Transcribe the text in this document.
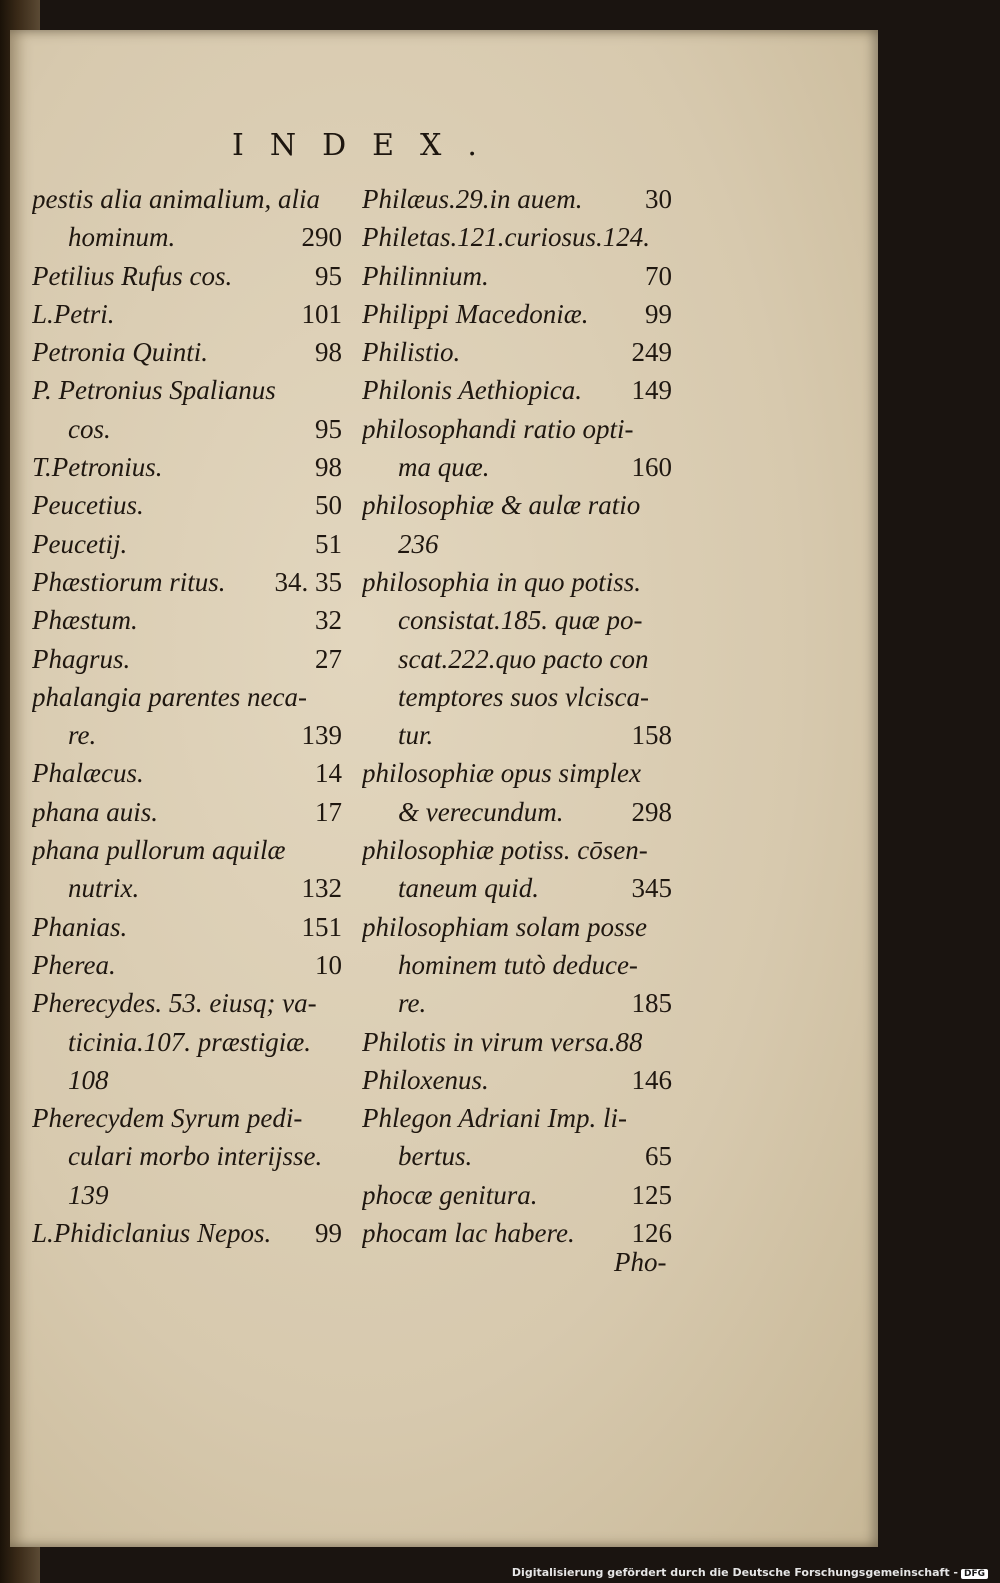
INDEX.
pestis alia animalium, alia
hominum.	290
Petilius Rufus cos.	95
L.Petri.	101
Petronia Quinti.	98
P. Petronius Spalianus
cos.	95
T.Petronius.	98
Peucetius.	50
Peucetij.	51
Phæstiorum ritus. 34. 35
Phæstum.	32
Phagrus.	27
phalangia parentes neca-
re.	139
Phalæcus.	14
phana auis.	17
phana pullorum aquilæ
nutrix.	132
Phanias.	151
Pherea.	10
Pherecydes. 53. eiusq; va-
ticinia.107. præstigiæ.
108
Pherecydem Syrum pedi-
culari morbo interijsse.
139
L.Phidiclanius Nepos. 99
Philæus.29.in auem. 30
Philetas.121.curiosus.124.
Philinnium.	70
Philippi Macedoniæ. 99
Philistio.	249
Philonis Aethiopica. 149
philosophandi ratio opti-
ma quæ.	160
philosophiæ & aulæ ratio
236
philosophia in quo potiss.
consistat.185. quæ po-
scat.222.quo pacto con
temptores suos vlcisca-
tur.	158
philosophiæ opus simplex
& verecundum.	298
philosophiæ potiss. cōsen-
taneum quid.	345
philosophiam solam posse
hominem tutò deduce-
re.	185
Philotis in virum versa.88
Philoxenus.	146
Phlegon Adriani Imp. li-
bertus.	65
phocæ genitura.	125
phocam lac habere. 126
Pho-
Digitalisierung gefördert durch die Deutsche Forschungsgemeinschaft - DFG
